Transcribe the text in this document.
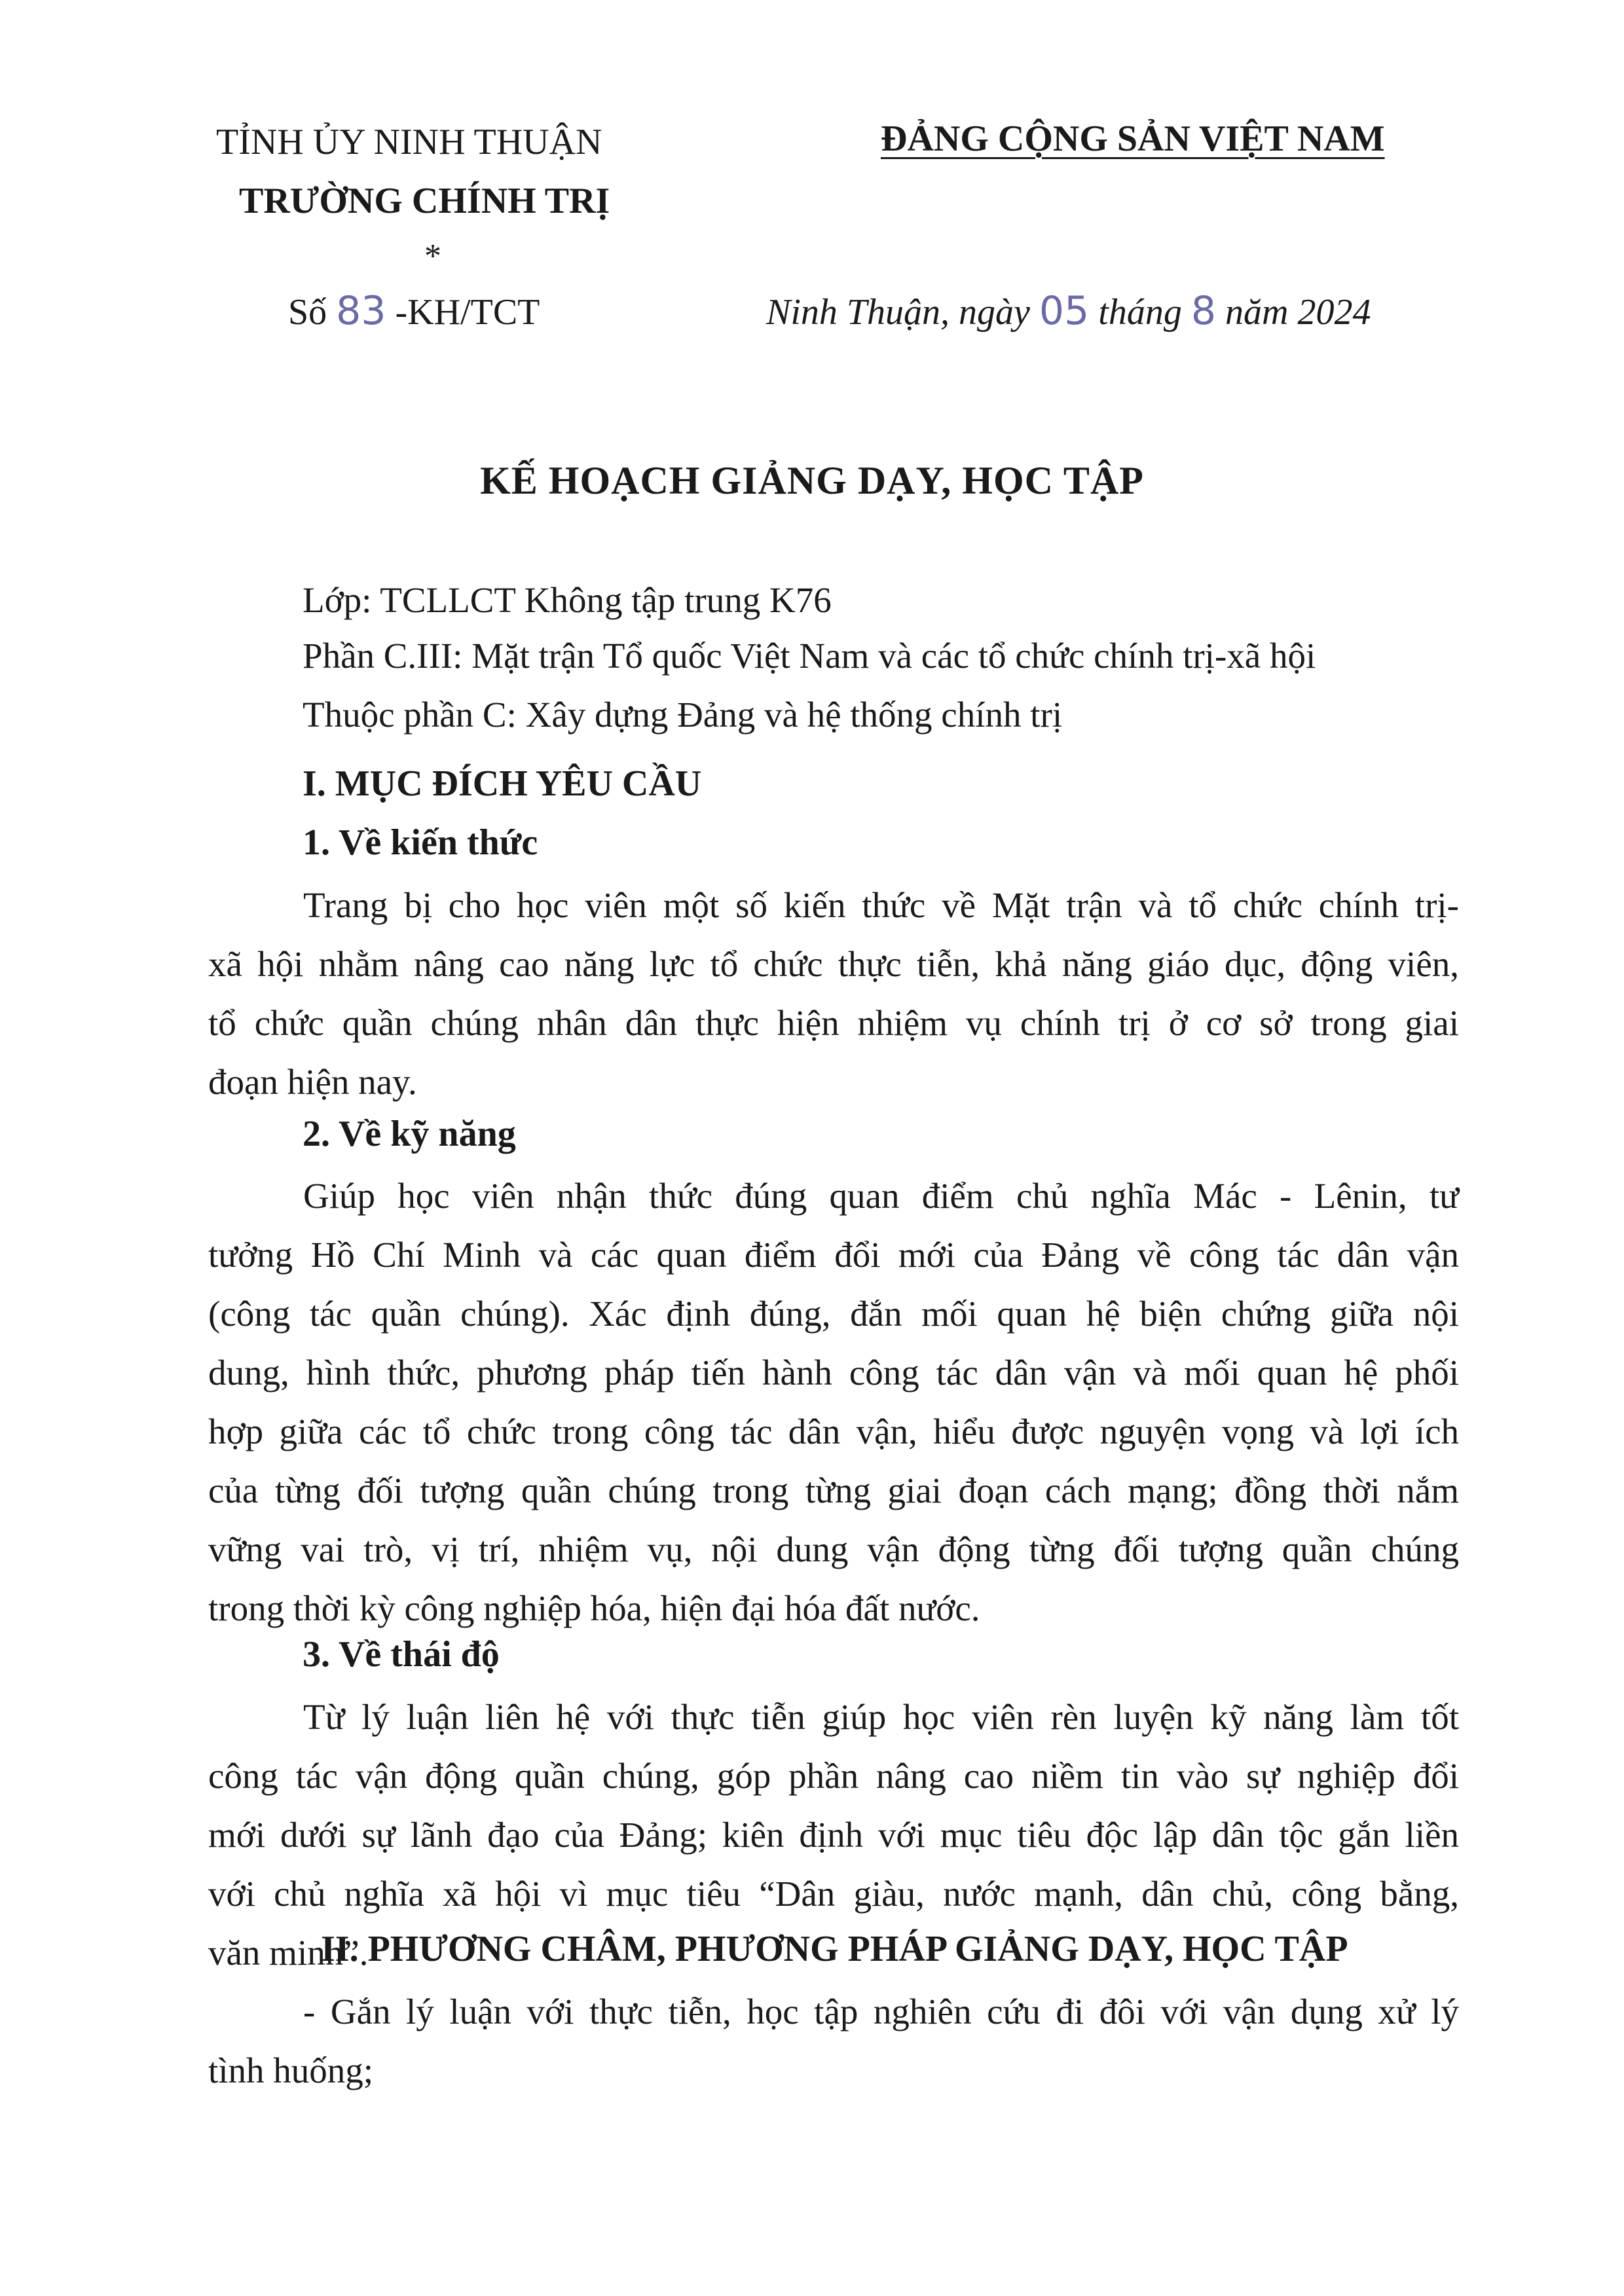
TỈNH ỦY NINH THUẬN
TRƯỜNG CHÍNH TRỊ
*
ĐẢNG CỘNG SẢN VIỆT NAM
Số 83 -KH/TCT	Ninh Thuận, ngày 05 tháng 8 năm 2024
KẾ HOẠCH GIẢNG DẠY, HỌC TẬP
Lớp: TCLLCT Không tập trung K76
Phần C.III: Mặt trận Tổ quốc Việt Nam và các tổ chức chính trị-xã hội
Thuộc phần C: Xây dựng Đảng và hệ thống chính trị
I. MỤC ĐÍCH YÊU CẦU
1. Về kiến thức
Trang bị cho học viên một số kiến thức về Mặt trận và tổ chức chính trị-
xã hội nhằm nâng cao năng lực tổ chức thực tiễn, khả năng giáo dục, động viên,
tổ chức quần chúng nhân dân thực hiện nhiệm vụ chính trị ở cơ sở trong giai
đoạn hiện nay.
2. Về kỹ năng
Giúp học viên nhận thức đúng quan điểm chủ nghĩa Mác - Lênin, tư
tưởng Hồ Chí Minh và các quan điểm đổi mới của Đảng về công tác dân vận
(công tác quần chúng). Xác định đúng, đắn mối quan hệ biện chứng giữa nội
dung, hình thức, phương pháp tiến hành công tác dân vận và mối quan hệ phối
hợp giữa các tổ chức trong công tác dân vận, hiểu được nguyện vọng và lợi ích
của từng đối tượng quần chúng trong từng giai đoạn cách mạng; đồng thời nắm
vững vai trò, vị trí, nhiệm vụ, nội dung vận động từng đối tượng quần chúng
trong thời kỳ công nghiệp hóa, hiện đại hóa đất nước.
3. Về thái độ
Từ lý luận liên hệ với thực tiễn giúp học viên rèn luyện kỹ năng làm tốt
công tác vận động quần chúng, góp phần nâng cao niềm tin vào sự nghiệp đổi
mới dưới sự lãnh đạo của Đảng; kiên định với mục tiêu độc lập dân tộc gắn liền
với chủ nghĩa xã hội vì mục tiêu “Dân giàu, nước mạnh, dân chủ, công bằng,
văn minh”.
II. PHƯƠNG CHÂM, PHƯƠNG PHÁP GIẢNG DẠY, HỌC TẬP
- Gắn lý luận với thực tiễn, học tập nghiên cứu đi đôi với vận dụng xử lý
tình huống;
